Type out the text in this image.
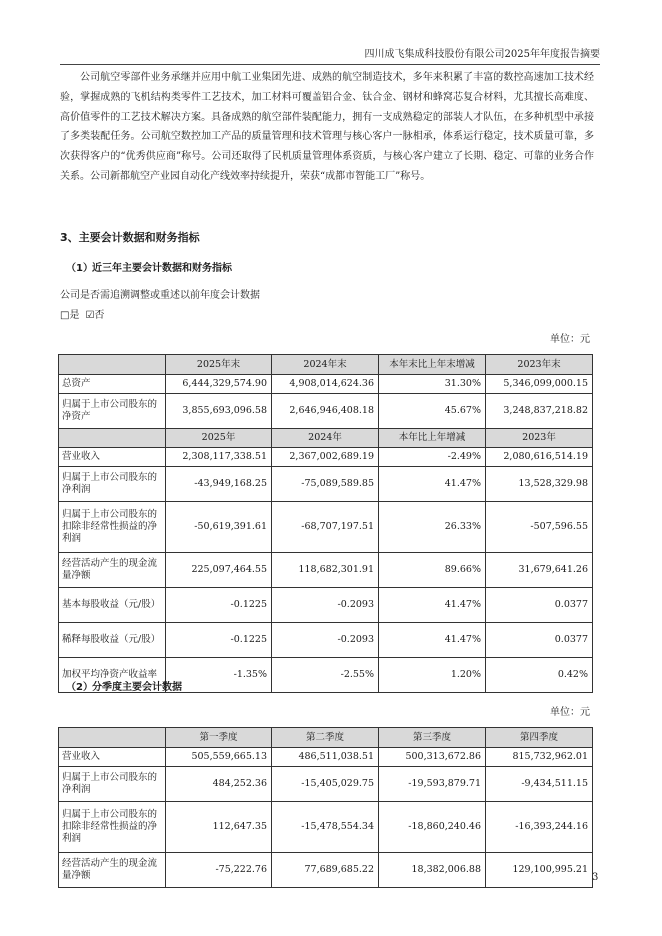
四川成飞集成科技股份有限公司2025年年度报告摘要

公司航空零部件业务承继并应用中航工业集团先进、成熟的航空制造技术，多年来积累了丰富的数控高速加工技术经验，掌握成熟的飞机结构类零件工艺技术，加工材料可覆盖铝合金、钛合金、钢材和蜂窝芯复合材料，尤其擅长高难度、高价值零件的工艺技术解决方案。具备成熟的航空部件装配能力，拥有一支成熟稳定的部装人才队伍，在多种机型中承接了多类装配任务。公司航空数控加工产品的质量管理和技术管理与核心客户一脉相承，体系运行稳定，技术质量可靠，多次获得客户的“优秀供应商”称号。公司还取得了民机质量管理体系资质，与核心客户建立了长期、稳定、可靠的业务合作关系。公司新都航空产业园自动化产线效率持续提升，荣获“成都市智能工厂”称号。

3、主要会计数据和财务指标
（1）近三年主要会计数据和财务指标
公司是否需追溯调整或重述以前年度会计数据
□是 ☑否
单位：元
	2025年末	2024年末	本年末比上年末增减	2023年末
总资产	6,444,329,574.90	4,908,014,624.36	31.30%	5,346,099,000.15
归属于上市公司股东的净资产	3,855,693,096.58	2,646,946,408.18	45.67%	3,248,837,218.82
	2025年	2024年	本年比上年增减	2023年
营业收入	2,308,117,338.51	2,367,002,689.19	-2.49%	2,080,616,514.19
归属于上市公司股东的净利润	-43,949,168.25	-75,089,589.85	41.47%	13,528,329.98
归属于上市公司股东的扣除非经常性损益的净利润	-50,619,391.61	-68,707,197.51	26.33%	-507,596.55
经营活动产生的现金流量净额	225,097,464.55	118,682,301.91	89.66%	31,679,641.26
基本每股收益（元/股）	-0.1225	-0.2093	41.47%	0.0377
稀释每股收益（元/股）	-0.1225	-0.2093	41.47%	0.0377
加权平均净资产收益率	-1.35%	-2.55%	1.20%	0.42%
（2）分季度主要会计数据
单位：元
	第一季度	第二季度	第三季度	第四季度
营业收入	505,559,665.13	486,511,038.51	500,313,672.86	815,732,962.01
归属于上市公司股东的净利润	484,252.36	-15,405,029.75	-19,593,879.71	-9,434,511.15
归属于上市公司股东的扣除非经常性损益的净利润	112,647.35	-15,478,554.34	-18,860,240.46	-16,393,244.16
经营活动产生的现金流量净额	-75,222.76	77,689,685.22	18,382,006.88	129,100,995.21
3
